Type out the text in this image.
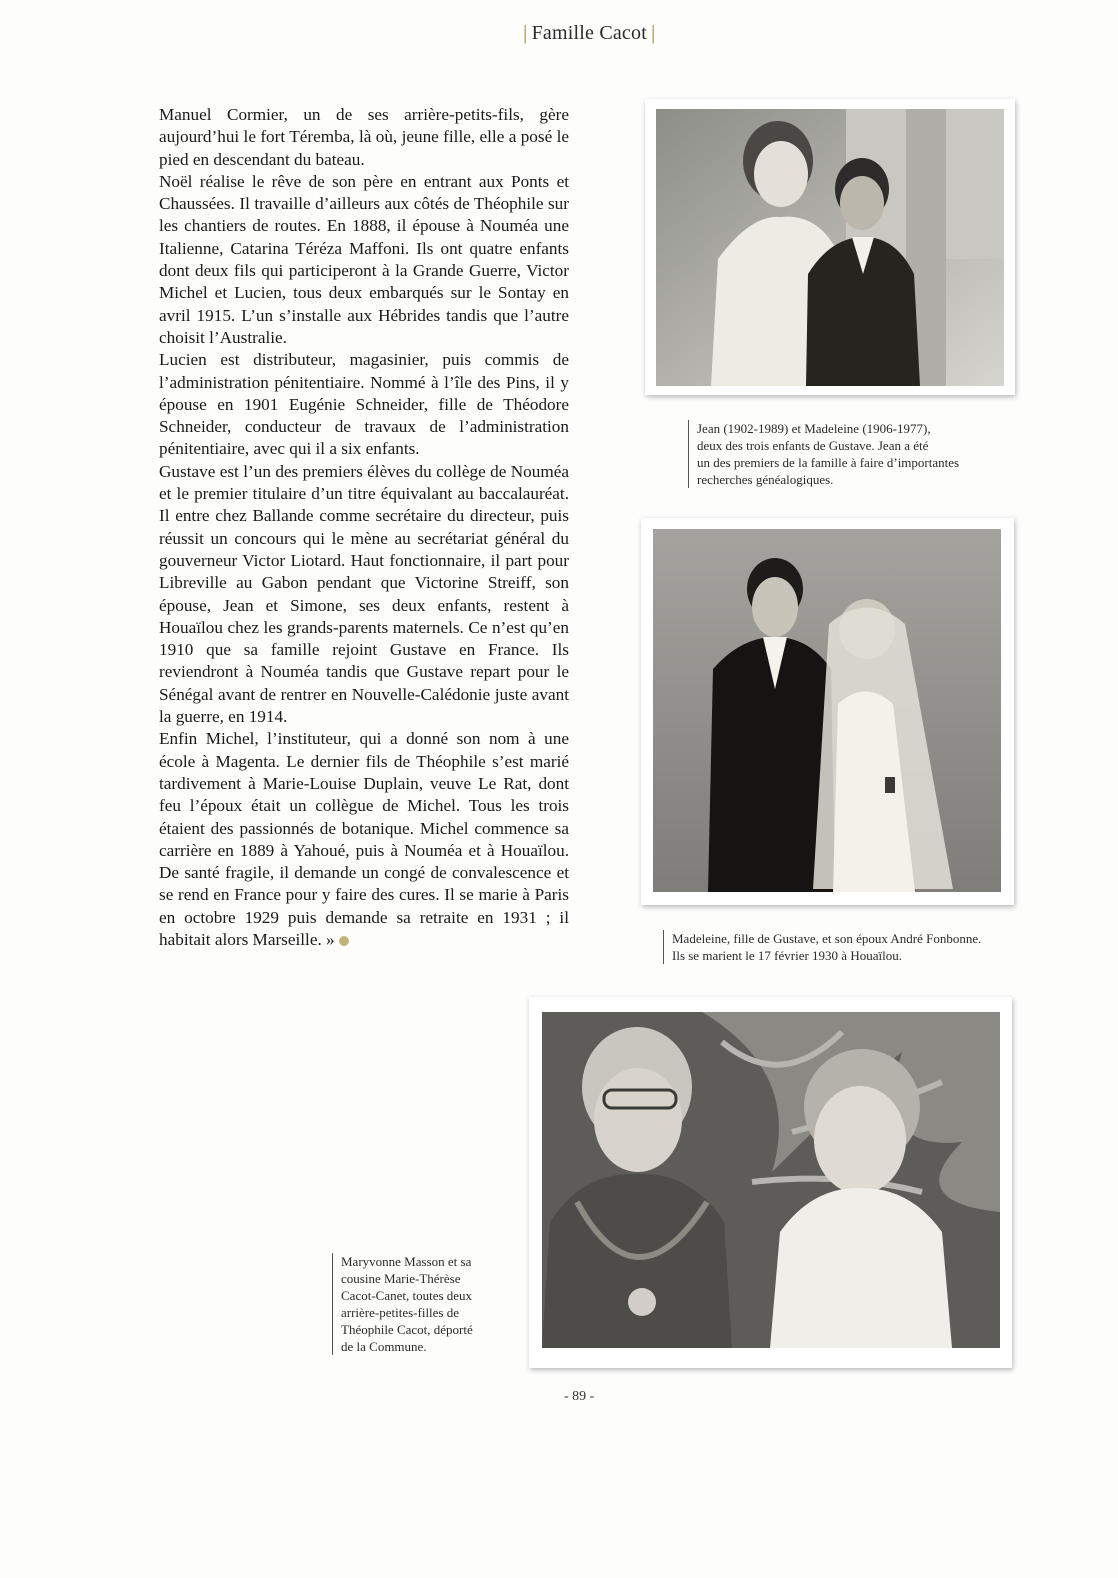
| Famille Cacot |

Manuel Cormier, un de ses arrière-petits-fils, gère aujourd’hui le fort Téremba, là où, jeune fille, elle a posé le pied en descendant du bateau.

Noël réalise le rêve de son père en entrant aux Ponts et Chaussées. Il travaille d’ailleurs aux côtés de Théophile sur les chantiers de routes. En 1888, il épouse à Nouméa une Italienne, Catarina Téréza Maffoni. Ils ont quatre enfants dont deux fils qui participeront à la Grande Guerre, Victor Michel et Lucien, tous deux embarqués sur le Sontay en avril 1915. L’un s’installe aux Hébrides tandis que l’autre choisit l’Australie.

Lucien est distributeur, magasinier, puis commis de l’administration pénitentiaire. Nommé à l’île des Pins, il y épouse en 1901 Eugénie Schneider, fille de Théodore Schneider, conducteur de travaux de l’administration pénitentiaire, avec qui il a six enfants.

Gustave est l’un des premiers élèves du collège de Nouméa et le premier titulaire d’un titre équivalant au baccalauréat. Il entre chez Ballande comme secrétaire du directeur, puis réussit un concours qui le mène au secrétariat général du gouverneur Victor Liotard. Haut fonctionnaire, il part pour Libreville au Gabon pendant que Victorine Streiff, son épouse, Jean et Simone, ses deux enfants, restent à Houaïlou chez les grands-parents maternels. Ce n’est qu’en 1910 que sa famille rejoint Gustave en France. Ils reviendront à Nouméa tandis que Gustave repart pour le Sénégal avant de rentrer en Nouvelle-Calédonie juste avant la guerre, en 1914.

Enfin Michel, l’instituteur, qui a donné son nom à une école à Magenta. Le dernier fils de Théophile s’est marié tardivement à Marie-Louise Duplain, veuve Le Rat, dont feu l’époux était un collègue de Michel. Tous les trois étaient des passionnés de botanique. Michel commence sa carrière en 1889 à Yahoué, puis à Nouméa et à Houaïlou. De santé fragile, il demande un congé de convalescence et se rend en France pour y faire des cures. Il se marie à Paris en octobre 1929 puis demande sa retraite en 1931 ; il habitait alors Marseille. »

Jean (1902-1989) et Madeleine (1906-1977),
deux des trois enfants de Gustave. Jean a été
un des premiers de la famille à faire d’importantes
recherches généalogiques.
Madeleine, fille de Gustave, et son époux André Fonbonne.
Ils se marient le 17 février 1930 à Houaïlou.
Maryvonne Masson et sa
cousine Marie-Thérèse
Cacot-Canet, toutes deux
arrière-petites-filles de
Théophile Cacot, déporté
de la Commune.
- 89 -
